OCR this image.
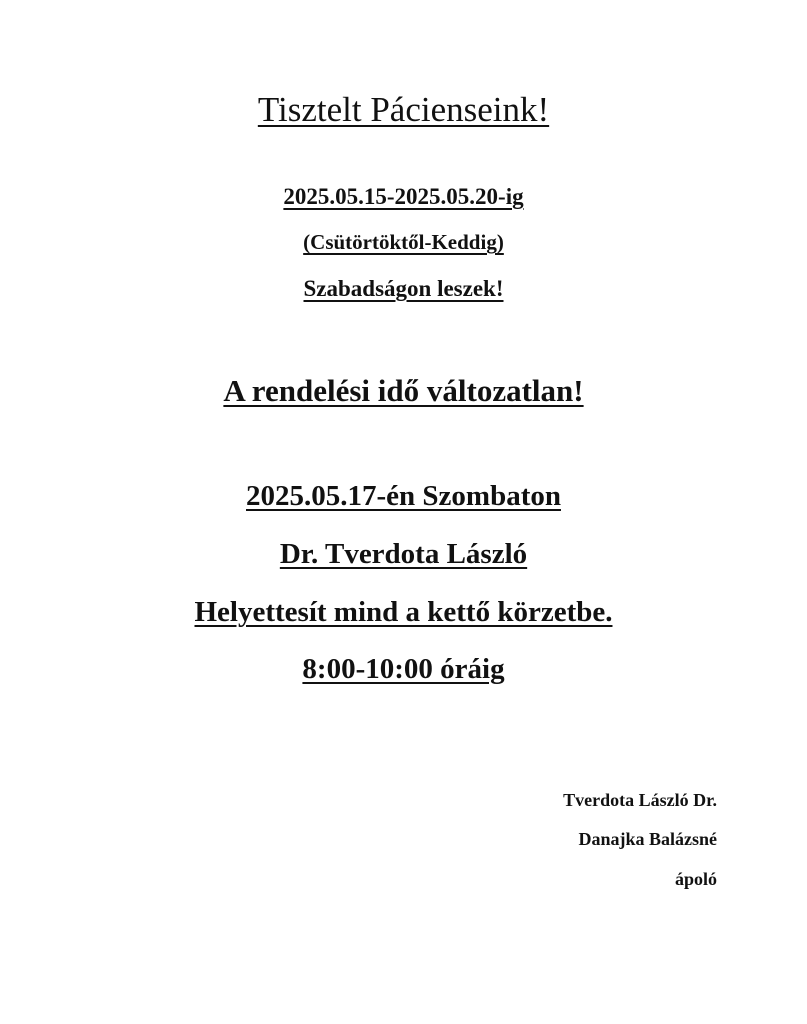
Tisztelt Pácienseink!
2025.05.15-2025.05.20-ig
(Csütörtöktől-Keddig)
Szabadságon leszek!
A rendelési idő változatlan!
2025.05.17-én Szombaton
Dr. Tverdota László
Helyettesít mind a kettő körzetbe.
8:00-10:00 óráig
Tverdota László Dr.
Danajka Balázsné
ápoló
